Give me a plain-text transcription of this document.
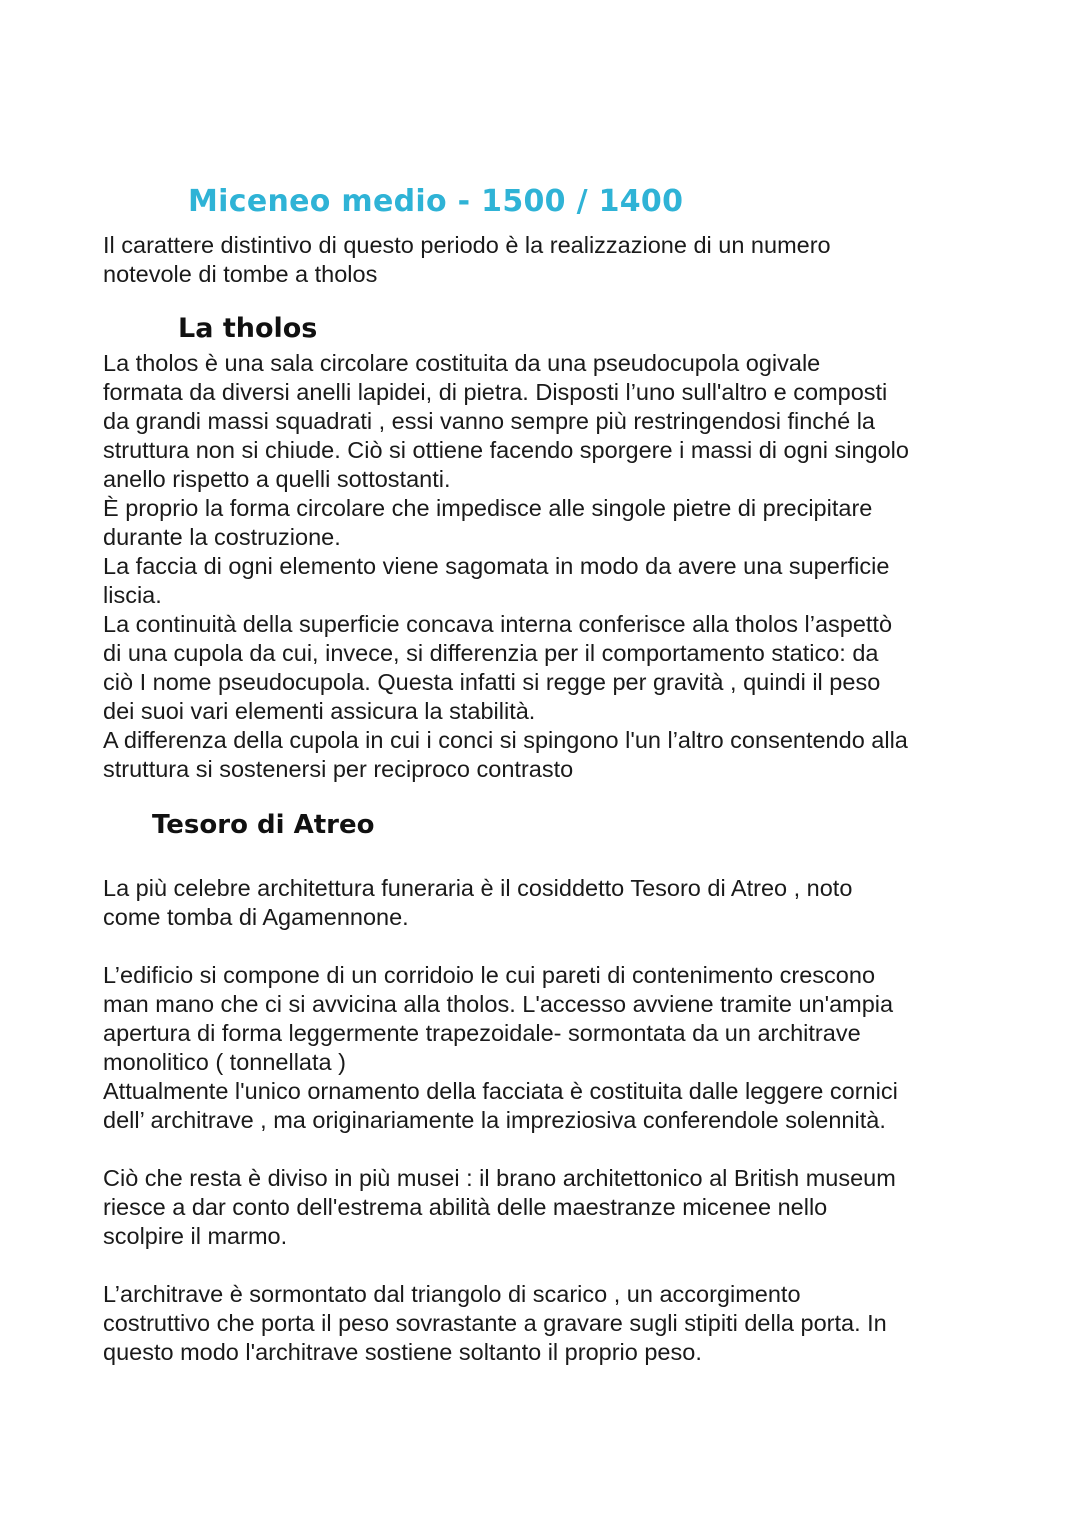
Miceneo medio - 1500 / 1400

Il carattere distintivo di questo periodo è la realizzazione di un numero
notevole di tombe a tholos

La tholos

La tholos è una sala circolare costituita da una pseudocupola ogivale
formata da diversi anelli lapidei, di pietra. Disposti l’uno sull'altro e composti
da grandi massi squadrati , essi vanno sempre più restringendosi finché la
struttura non si chiude. Ciò si ottiene facendo sporgere i massi di ogni singolo
anello rispetto a quelli sottostanti.
È proprio la forma circolare che impedisce alle singole pietre di precipitare
durante la costruzione.
La faccia di ogni elemento viene sagomata in modo da avere una superficie
liscia.
La continuità della superficie concava interna conferisce alla tholos l’aspettò
di una cupola da cui, invece, si differenzia per il comportamento statico: da
ciò I nome pseudocupola. Questa infatti si regge per gravità , quindi il peso
dei suoi vari elementi assicura la stabilità.
A differenza della cupola in cui i conci si spingono l'un l’altro consentendo alla
struttura si sostenersi per reciproco contrasto

Tesoro di Atreo

La più celebre architettura funeraria è il cosiddetto Tesoro di Atreo , noto
come tomba di Agamennone.

L’edificio si compone di un corridoio le cui pareti di contenimento crescono
man mano che ci si avvicina alla tholos. L'accesso avviene tramite un'ampia
apertura di forma leggermente trapezoidale- sormontata da un architrave
monolitico ( tonnellata )
Attualmente l'unico ornamento della facciata è costituita dalle leggere cornici
dell’ architrave , ma originariamente la impreziosiva conferendole solennità.

Ciò che resta è diviso in più musei : il brano architettonico al British museum
riesce a dar conto dell'estrema abilità delle maestranze micenee nello
scolpire il marmo.

L’architrave è sormontato dal triangolo di scarico , un accorgimento
costruttivo che porta il peso sovrastante a gravare sugli stipiti della porta. In
questo modo l'architrave sostiene soltanto il proprio peso.
